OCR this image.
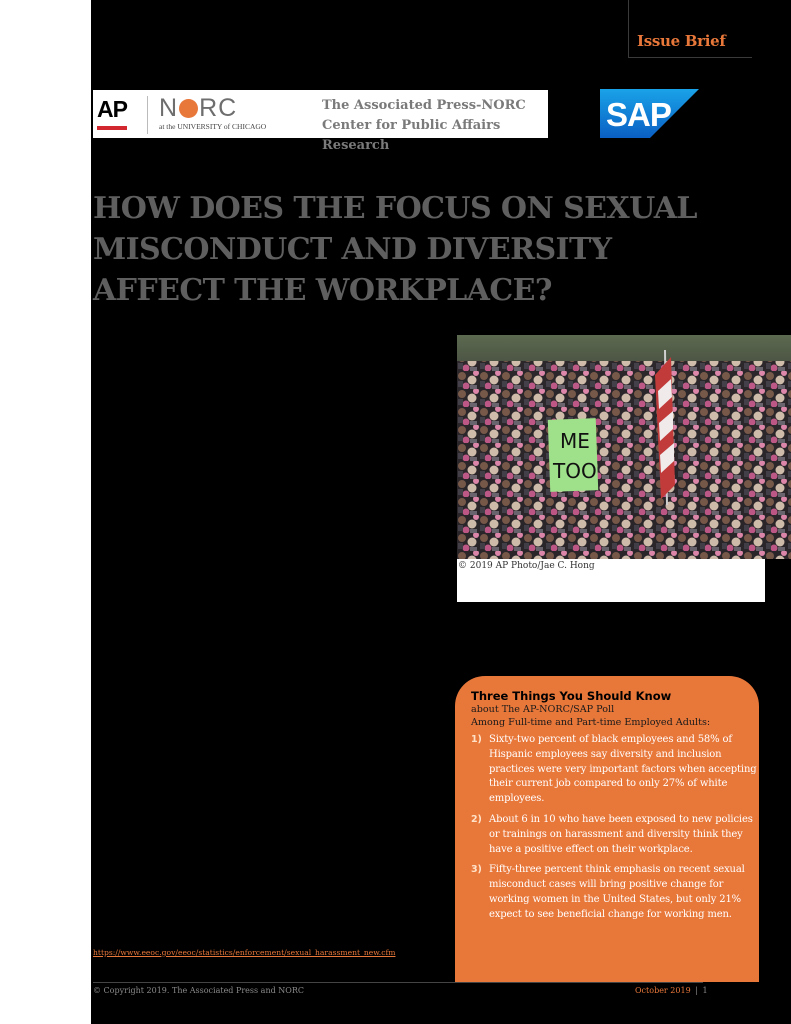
Issue Brief
AP N RC
at the UNIVERSITY of CHICAGO
The Associated Press-NORC
Center for Public Affairs Research
SAP
HOW DOES THE FOCUS ON SEXUAL
MISCONDUCT AND DIVERSITY
AFFECT THE WORKPLACE?
ME
TOO
© 2019 AP Photo/Jae C. Hong
Three Things You Should Know
about The AP-NORC/SAP Poll
Among Full-time and Part-time Employed Adults:
1) Sixty-two percent of black employees and 58% of Hispanic employees say diversity and inclusion practices were very important factors when accepting their current job compared to only 27% of white employees.
2) About 6 in 10 who have been exposed to new policies or trainings on harassment and diversity think they have a positive effect on their workplace.
3) Fifty-three percent think emphasis on recent sexual misconduct cases will bring positive change for working women in the United States, but only 21% expect to see beneficial change for working men.
https://www.eeoc.gov/eeoc/statistics/enforcement/sexual_harassment_new.cfm
© Copyright 2019. The Associated Press and NORC	October 2019 | 1
